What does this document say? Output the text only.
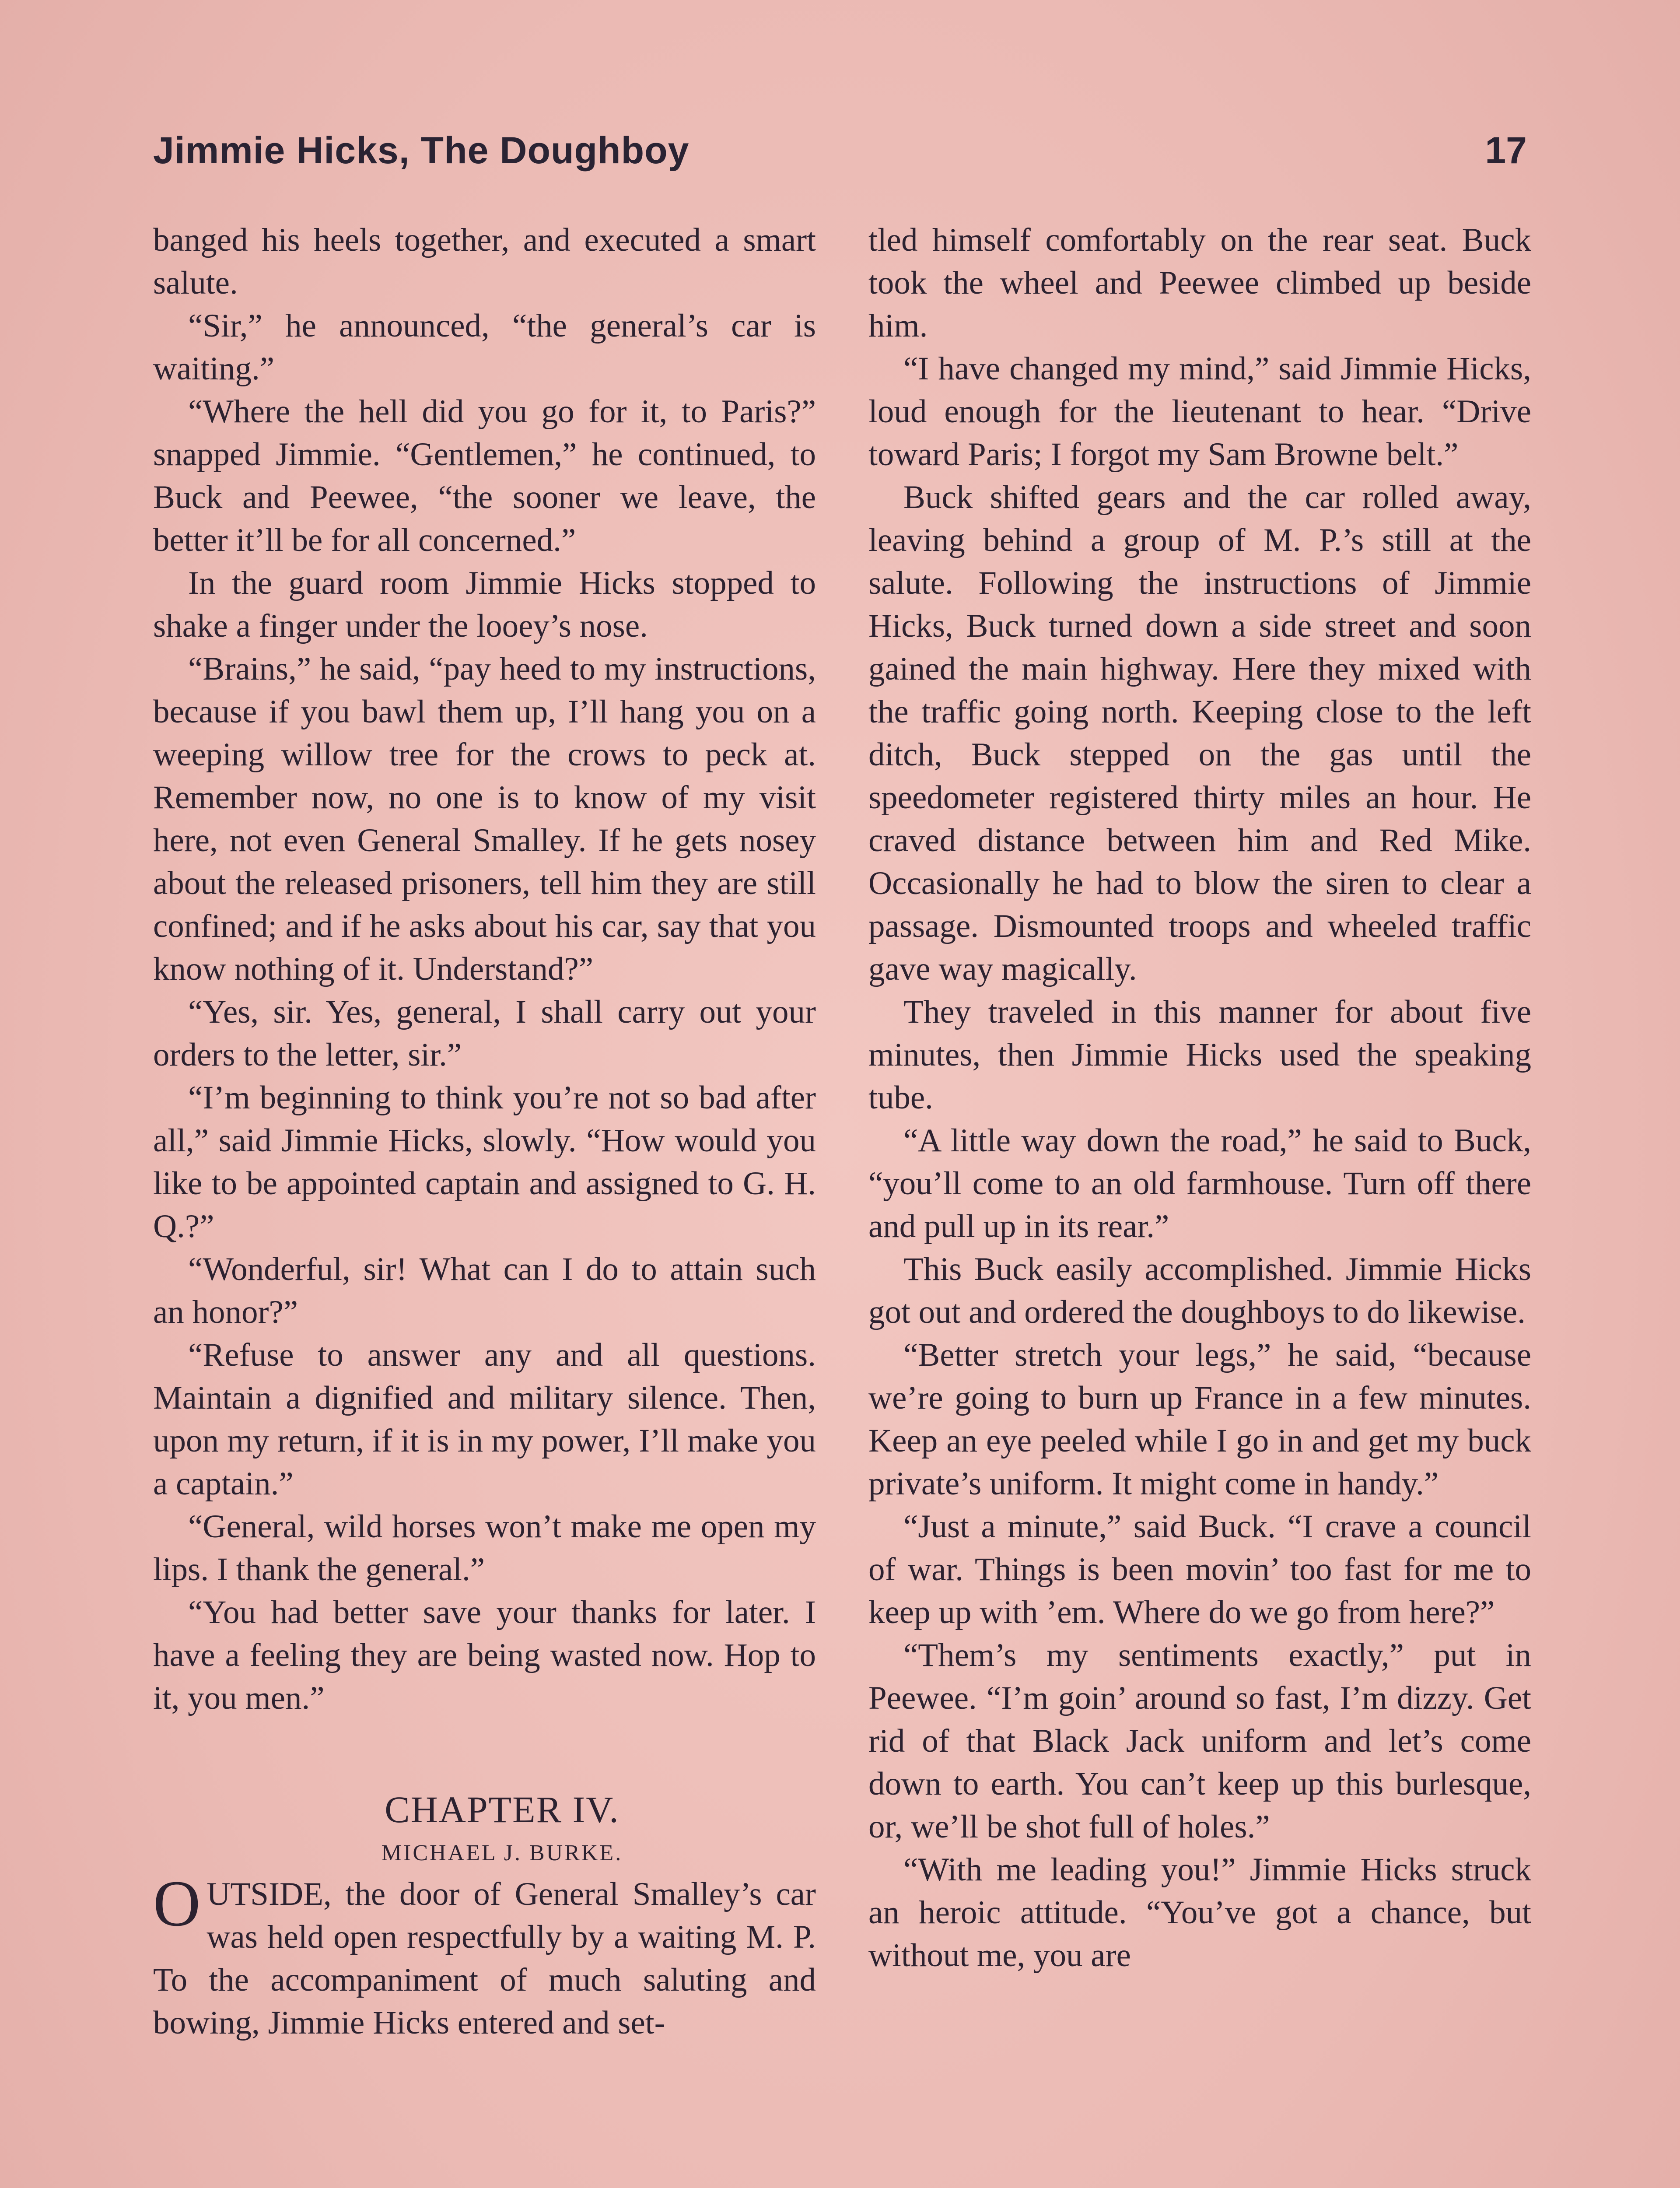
Jimmie Hicks, The Doughboy	17

banged his heels together, and executed a smart salute.

“Sir,” he announced, “the general’s car is waiting.”

“Where the hell did you go for it, to Paris?” snapped Jimmie. “Gentlemen,” he continued, to Buck and Peewee, “the sooner we leave, the better it’ll be for all concerned.”

In the guard room Jimmie Hicks stopped to shake a finger under the looey’s nose.

“Brains,” he said, “pay heed to my instructions, because if you bawl them up, I’ll hang you on a weeping willow tree for the crows to peck at. Remember now, no one is to know of my visit here, not even General Smalley. If he gets nosey about the released prisoners, tell him they are still confined; and if he asks about his car, say that you know nothing of it. Understand?”

“Yes, sir. Yes, general, I shall carry out your orders to the letter, sir.”

“I’m beginning to think you’re not so bad after all,” said Jimmie Hicks, slowly. “How would you like to be appointed captain and assigned to G. H. Q.?”

“Wonderful, sir! What can I do to attain such an honor?”

“Refuse to answer any and all questions. Maintain a dignified and military silence. Then, upon my return, if it is in my power, I’ll make you a captain.”

“General, wild horses won’t make me open my lips. I thank the general.”

“You had better save your thanks for later. I have a feeling they are being wasted now. Hop to it, you men.”

CHAPTER IV.

MICHAEL J. BURKE.

OUTSIDE, the door of General Smalley’s car was held open respectfully by a waiting M. P. To the accompaniment of much saluting and bowing, Jimmie Hicks entered and set-

tled himself comfortably on the rear seat. Buck took the wheel and Peewee climbed up beside him.

“I have changed my mind,” said Jimmie Hicks, loud enough for the lieutenant to hear. “Drive toward Paris; I forgot my Sam Browne belt.”

Buck shifted gears and the car rolled away, leaving behind a group of M. P.’s still at the salute. Following the instructions of Jimmie Hicks, Buck turned down a side street and soon gained the main highway. Here they mixed with the traffic going north. Keeping close to the left ditch, Buck stepped on the gas until the speedometer registered thirty miles an hour. He craved distance between him and Red Mike. Occasionally he had to blow the siren to clear a passage. Dismounted troops and wheeled traffic gave way magically.

They traveled in this manner for about five minutes, then Jimmie Hicks used the speaking tube.

“A little way down the road,” he said to Buck, “you’ll come to an old farmhouse. Turn off there and pull up in its rear.”

This Buck easily accomplished. Jimmie Hicks got out and ordered the doughboys to do likewise.

“Better stretch your legs,” he said, “because we’re going to burn up France in a few minutes. Keep an eye peeled while I go in and get my buck private’s uniform. It might come in handy.”

“Just a minute,” said Buck. “I crave a council of war. Things is been movin’ too fast for me to keep up with ’em. Where do we go from here?”

“Them’s my sentiments exactly,” put in Peewee. “I’m goin’ around so fast, I’m dizzy. Get rid of that Black Jack uniform and let’s come down to earth. You can’t keep up this burlesque, or, we’ll be shot full of holes.”

“With me leading you!” Jimmie Hicks struck an heroic attitude. “You’ve got a chance, but without me, you are
